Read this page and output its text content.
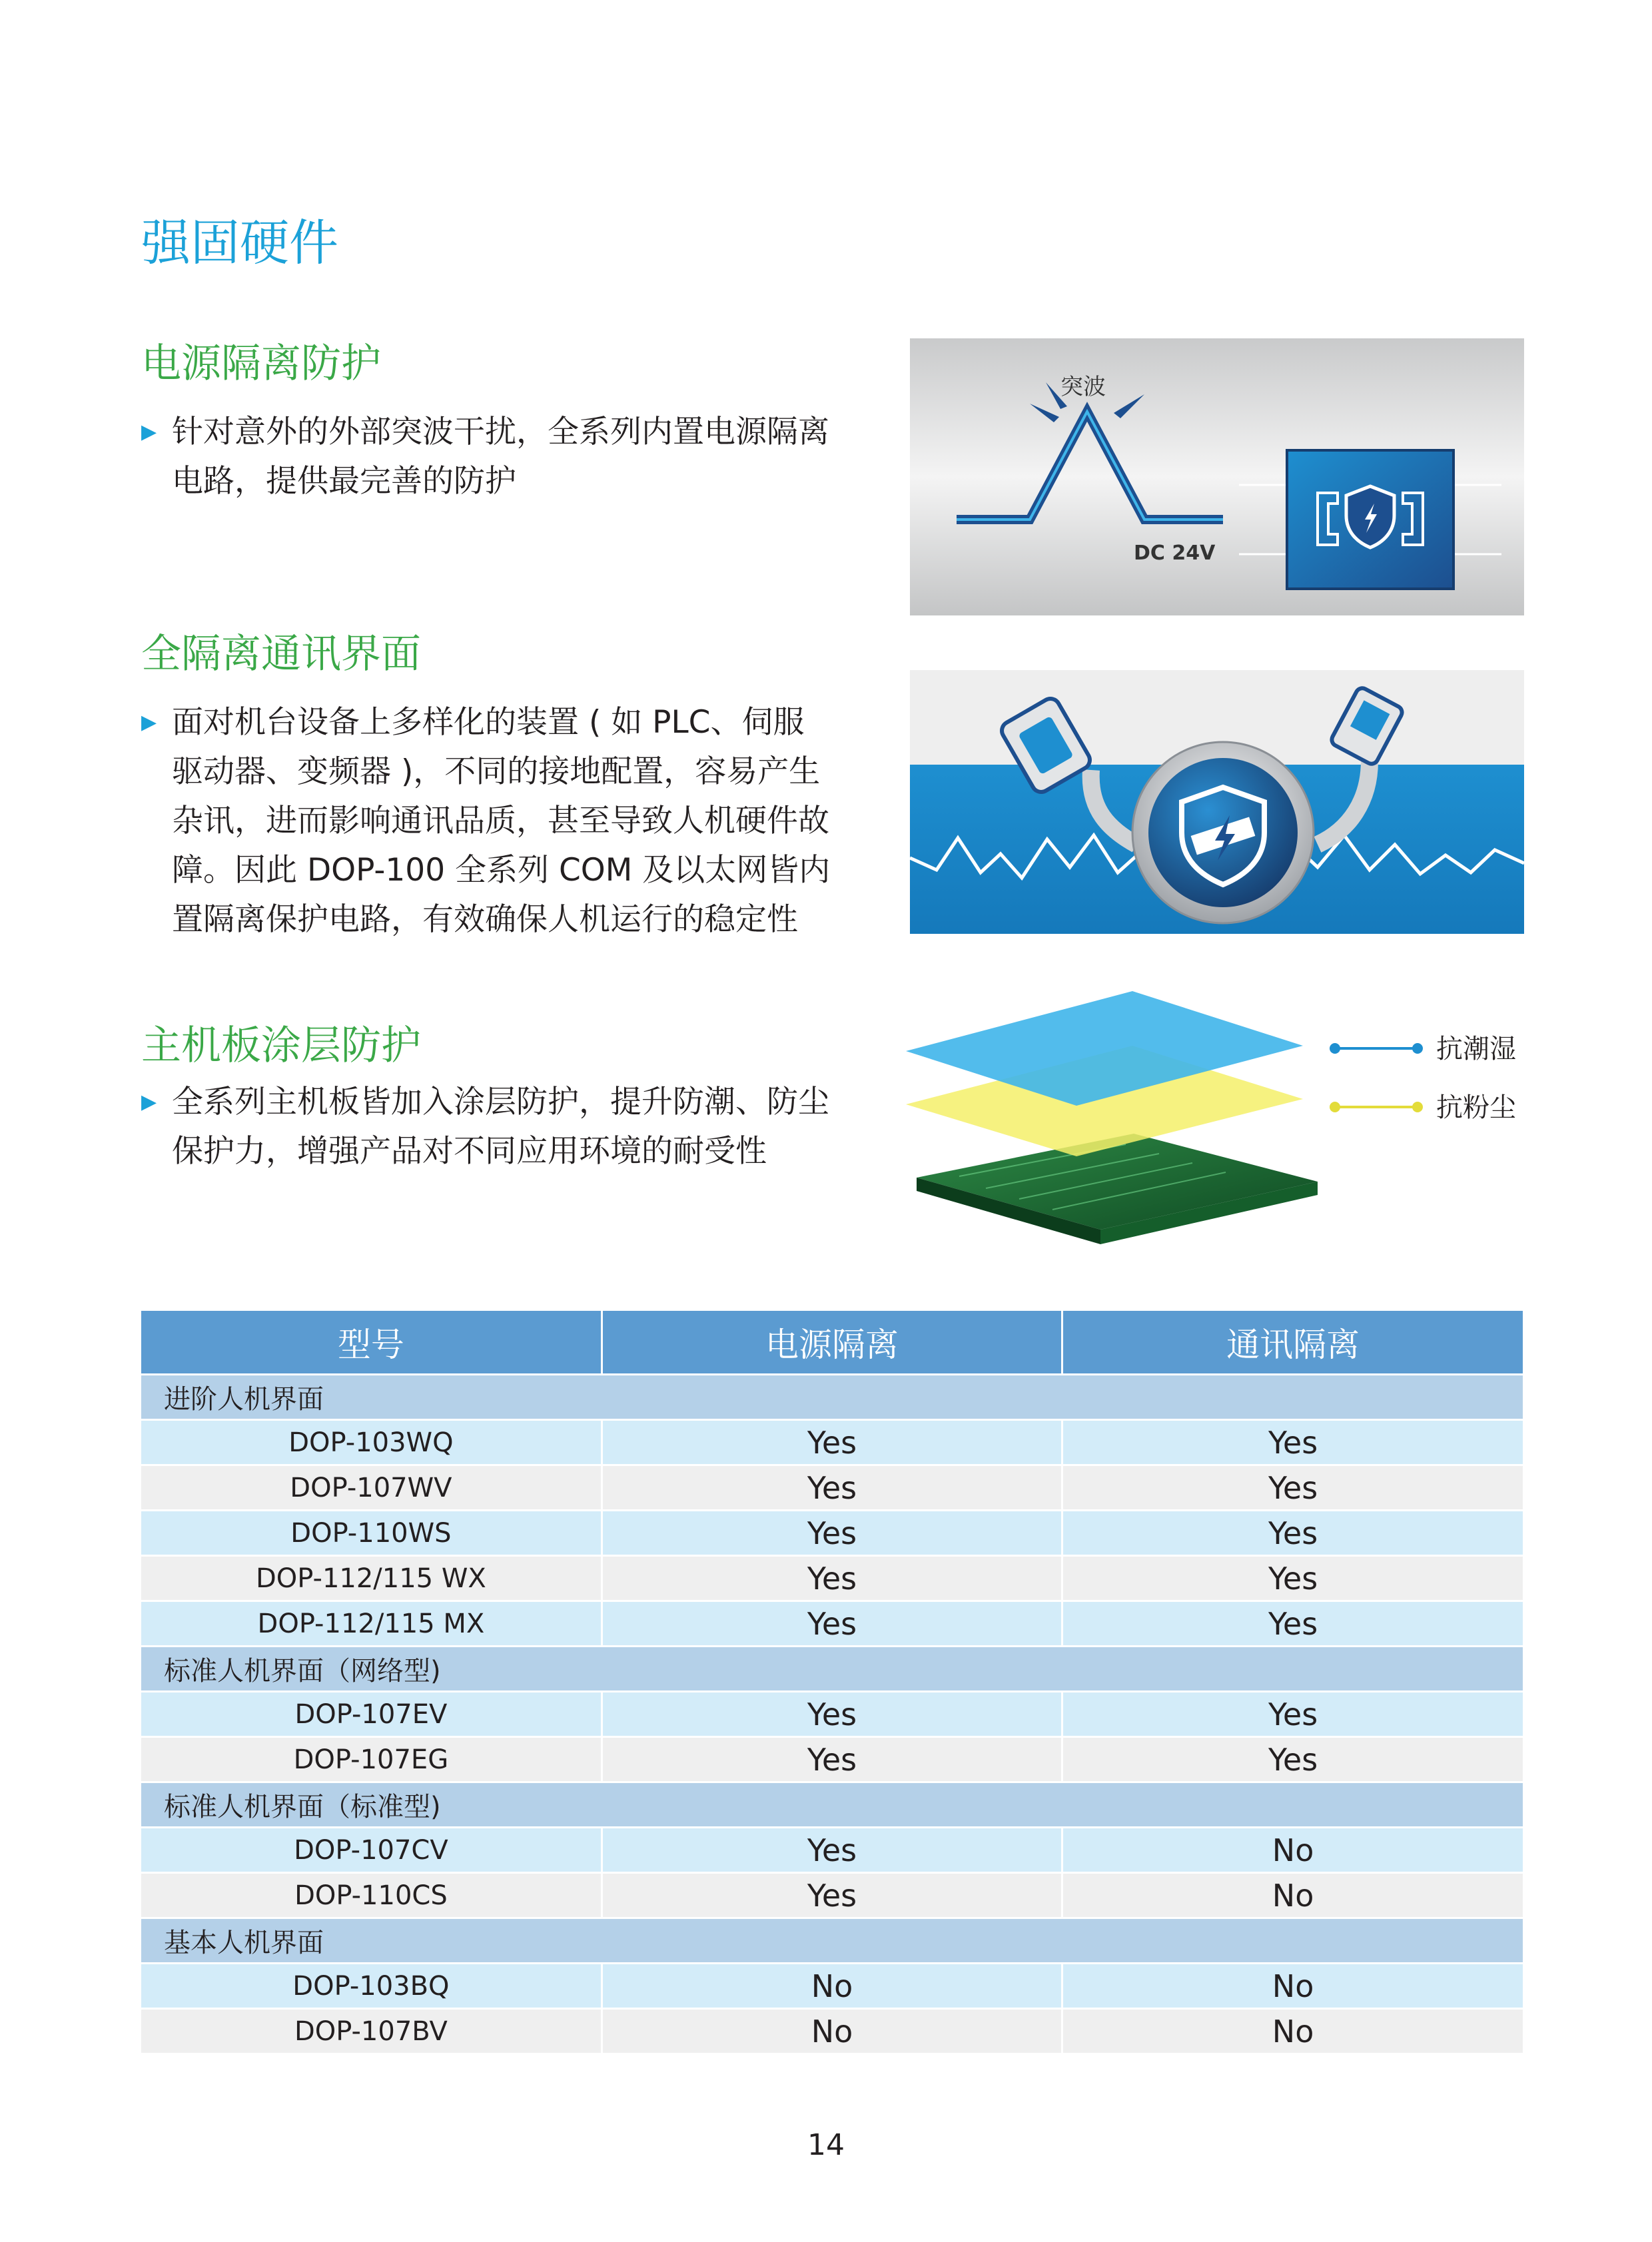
强固硬件
电源隔离防护
▶ 针对意外的外部突波干扰，全系列内置电源隔离
电路，提供最完善的防护
全隔离通讯界面
▶ 面对机台设备上多样化的装置 ( 如 PLC、伺服
驱动器、变频器 )，不同的接地配置，容易产生
杂讯，进而影响通讯品质，甚至导致人机硬件故
障。因此 DOP-100 全系列 COM 及以太网皆内
置隔离保护电路，有效确保人机运行的稳定性
主机板涂层防护
▶ 全系列主机板皆加入涂层防护，提升防潮、防尘
保护力，增强产品对不同应用环境的耐受性
突波
DC 24V
抗潮湿
抗粉尘
型号	电源隔离	通讯隔离
进阶人机界面		
DOP-103WQ	Yes	Yes
DOP-107WV	Yes	Yes
DOP-110WS	Yes	Yes
DOP-112/115 WX	Yes	Yes
DOP-112/115 MX	Yes	Yes
标准人机界面（网络型)		
DOP-107EV	Yes	Yes
DOP-107EG	Yes	Yes
标准人机界面（标准型)		
DOP-107CV	Yes	No
DOP-110CS	Yes	No
基本人机界面		
DOP-103BQ	No	No
DOP-107BV	No	No
14
